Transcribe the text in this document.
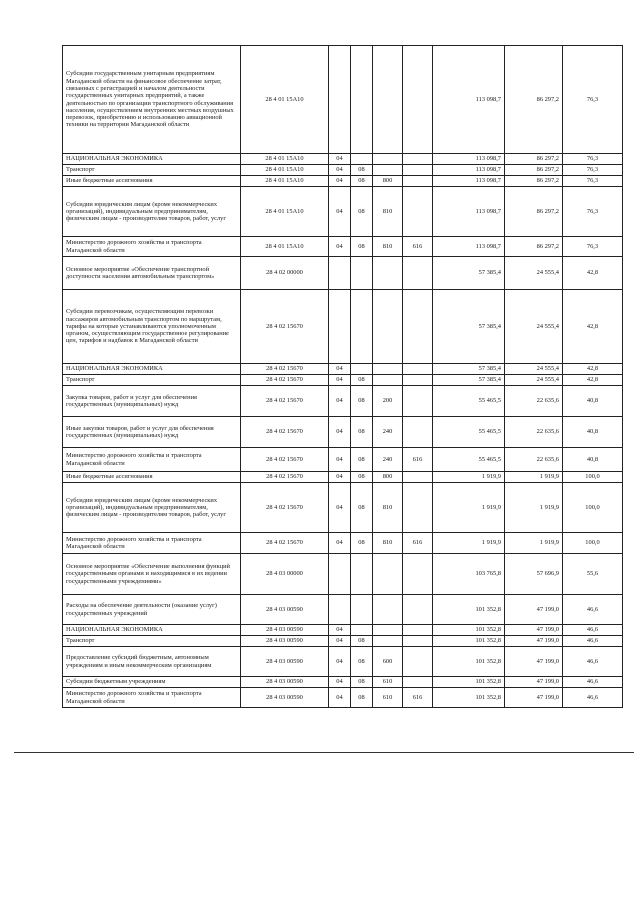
Субсидии государственным унитарным предприятиям Магаданской области на финансовое обеспечение затрат, связанных с регистрацией и началом деятельности государственных унитарных предприятий, а также деятельностью по организации транспортного обслуживания населения, осуществлением внутренних местных воздушных перевозок, приобретению и использованию авиационной техники на территории Магаданской области	28 4 01 15А10					113 098,7	86 297,2	76,3
НАЦИОНАЛЬНАЯ ЭКОНОМИКА	28 4 01 15А10	04				113 098,7	86 297,2	76,3
Транспорт	28 4 01 15А10	04	08			113 098,7	86 297,2	76,3
Иные бюджетные ассигнования	28 4 01 15А10	04	08	800		113 098,7	86 297,2	76,3
Субсидии юридическим лицам (кроме некоммерческих организаций), индивидуальным предпринимателям, физическим лицам - производителям товаров, работ, услуг	28 4 01 15А10	04	08	810		113 098,7	86 297,2	76,3
Министерство дорожного хозяйства и транспорта Магаданской области	28 4 01 15А10	04	08	810	616	113 098,7	86 297,2	76,3
Основное мероприятие «Обеспечение транспортной доступности населения автомобильным транспортом»	28 4 02 00000					57 385,4	24 555,4	42,8
Субсидии перевозчикам, осуществляющим перевозки пассажиров автомобильным транспортом по маршрутам, тарифы на которые устанавливаются уполномоченным органом, осуществляющим государственное регулирование цен, тарифов и надбавок в Магаданской области	28 4 02 15670					57 385,4	24 555,4	42,8
НАЦИОНАЛЬНАЯ ЭКОНОМИКА	28 4 02 15670	04				57 385,4	24 555,4	42,8
Транспорт	28 4 02 15670	04	08			57 385,4	24 555,4	42,8
Закупка товаров, работ и услуг для обеспечения государственных (муниципальных) нужд	28 4 02 15670	04	08	200		55 465,5	22 635,6	40,8
Иные закупки товаров, работ и услуг для обеспечения государственных (муниципальных) нужд	28 4 02 15670	04	08	240		55 465,5	22 635,6	40,8
Министерство дорожного хозяйства и транспорта Магаданской области	28 4 02 15670	04	08	240	616	55 465,5	22 635,6	40,8
Иные бюджетные ассигнования	28 4 02 15670	04	08	800		1 919,9	1 919,9	100,0
Субсидии юридическим лицам (кроме некоммерческих организаций), индивидуальным предпринимателям, физическим лицам - производителям товаров, работ, услуг	28 4 02 15670	04	08	810		1 919,9	1 919,9	100,0
Министерство дорожного хозяйства и транспорта Магаданской области	28 4 02 15670	04	08	810	616	1 919,9	1 919,9	100,0
Основное мероприятие «Обеспечение выполнения функций государственными органами и находящимися в их ведении государственными учреждениями»	28 4 03 00000					103 765,8	57 696,9	55,6
Расходы на обеспечение деятельности (оказание услуг) государственных учреждений	28 4 03 00590					101 352,8	47 199,0	46,6
НАЦИОНАЛЬНАЯ ЭКОНОМИКА	28 4 03 00590	04				101 352,8	47 199,0	46,6
Транспорт	28 4 03 00590	04	08			101 352,8	47 199,0	46,6
Предоставление субсидий бюджетным, автономным учреждениям и иным некоммерческим организациям	28 4 03 00590	04	08	600		101 352,8	47 199,0	46,6
Субсидии бюджетным учреждениям	28 4 03 00590	04	08	610		101 352,8	47 199,0	46,6
Министерство дорожного хозяйства и транспорта Магаданской области	28 4 03 00590	04	08	610	616	101 352,8	47 199,0	46,6
